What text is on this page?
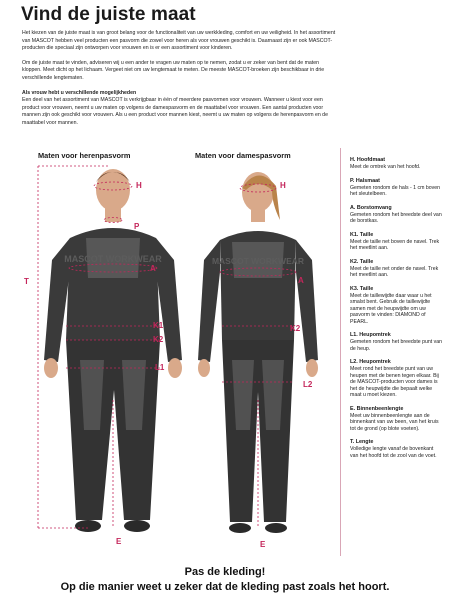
Vind de juiste maat

Het kiezen van de juiste maat is van groot belang voor de functionaliteit van uw werkkleding, comfort en uw veiligheid. In het assortiment van MASCOT hebben veel producten een pasvorm die zowel voor heren als voor vrouwen geschikt is. Daarnaast zijn er ook MASCOT-producten die speciaal zijn ontworpen voor vrouwen en is er een assortiment voor kinderen.

Om de juiste maat te vinden, adviseren wij u een ander te vragen uw maten op te nemen, zodat u er zeker van bent dat de maten kloppen. Meet dicht op het lichaam. Vergeet niet om uw lengtemaat te meten. De meeste MASCOT-broeken zijn beschikbaar in drie verschillende lengtematen.

Als vrouw hebt u verschillende mogelijkheden

Een deel van het assortiment van MASCOT is verkrijgbaar in één of meerdere pasvormen voor vrouwen. Wanneer u kiest voor een product voor vrouwen, neemt u uw maten op volgens de damespasvorm en de maattabel voor vrouwen. Een aantal producten voor mannen zijn ook geschikt voor vrouwen. Als u een product voor mannen kiest, neemt u uw maten op volgens de herenpasvorm en de maattabel voor mannen.

Maten voor herenpasvorm	Maten voor damespasvorm
MASCOT WORKWEAR	MASCOT WORKWEAR
H
P
A
T
K1
K2
L1
E
H
A
K2
L2
E
H. Hoofdmaat
Meet de omtrek van het hoofd.
P. Halsmaat
Gemeten rondom de hals - 1 cm boven het sleutelbeen.
A. Borstomvang
Gemeten rondom het breedste deel van de borstkas.
K1. Taille
Meet de taille net boven de navel. Trek het meetlint aan.
K2. Taille
Meet de taille net onder de navel. Trek het meetlint aan.
K3. Taille
Meet de taillewijdte daar waar u het smalst bent. Gebruik de taillewijdte samen met de heupwijdte om uw pasvorm te vinden: DIAMOND of PEARL.
L1. Heupomtrek
Gemeten rondom het breedste punt van de heup.
L2. Heupomtrek
Meet rond het breedste punt van uw heupen met de benen tegen elkaar. Bij de MASCOT-producten voor dames is het de heupwijdte die bepaalt welke maat u moet kiezen.
E. Binnenbeenlengte
Meet uw binnenbeenlengte aan de binnenkant van uw been, van het kruis tot de grond (op blote voeten).
T. Lengte
Volledige lengte vanaf de bovenkant van het hoofd tot de zool van de voet.
Pas de kleding!
Op die manier weet u zeker dat de kleding past zoals het hoort.
